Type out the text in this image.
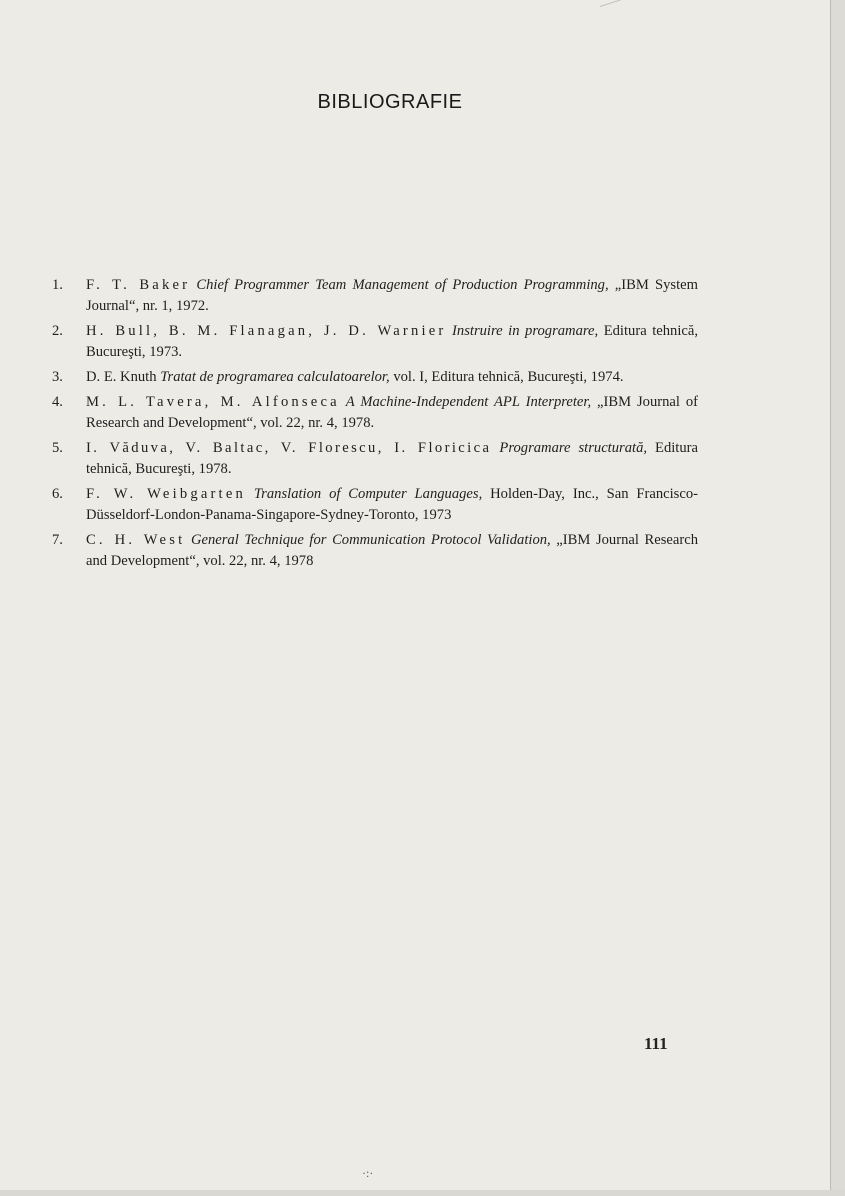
BIBLIOGRAFIE
1. F. T. Baker Chief Programmer Team Management of Production Programming, „IBM System Journal“, nr. 1, 1972.
2. H. Bull, B. M. Flanagan, J. D. Warnier Instruire in programare, Editura tehnică, Bucureşti, 1973.
3. D. E. Knuth Tratat de programarea calculatoarelor, vol. I, Editura tehnică, Bucureşti, 1974.
4. M. L. Tavera, M. Alfonseca A Machine-Independent APL Interpreter, „IBM Journal of Research and Development“, vol. 22, nr. 4, 1978.
5. I. Văduva, V. Baltac, V. Florescu, I. Floricica Programare structurată, Editura tehnică, Bucureşti, 1978.
6. F. W. Weibgarten Translation of Computer Languages, Holden-Day, Inc., San Francisco-Düsseldorf-London-Panama-Singapore-Sydney-Toronto, 1973
7. C. H. West General Technique for Communication Protocol Validation, „IBM Journal Research and Development“, vol. 22, nr. 4, 1978
111
·:·
